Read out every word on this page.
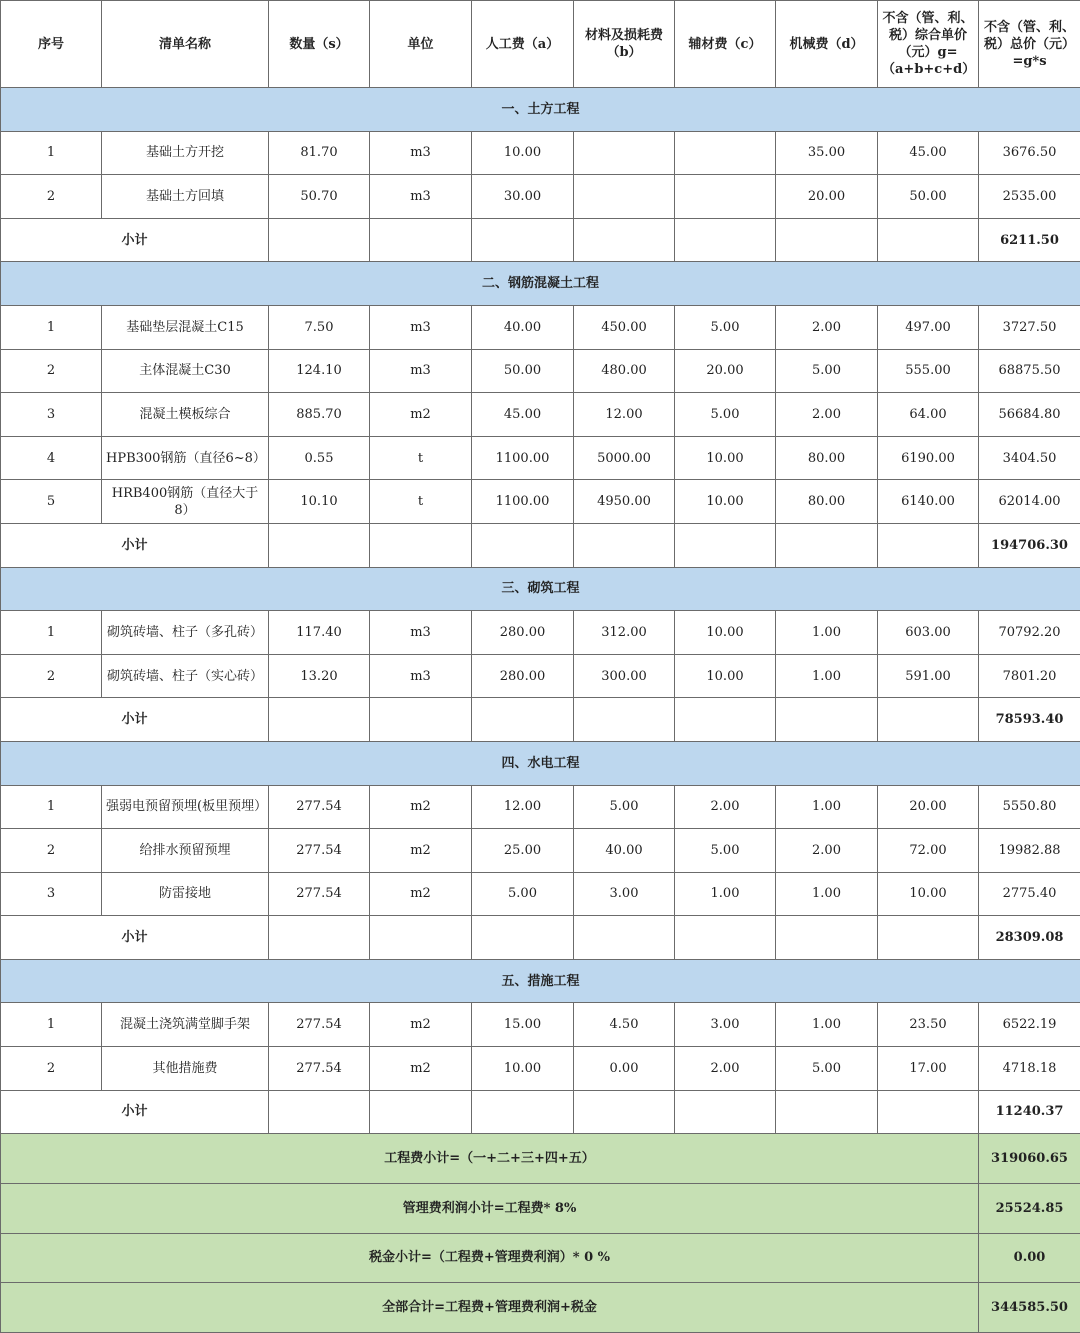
序号	清单名称	数量（s）	单位	人工费（a）	材料及损耗费（b）	辅材费（c）	机械费（d）	不含（管、利、税）综合单价（元）g=（a+b+c+d）	不含（管、利、税）总价（元）=g*s
一、土方工程									
1	基础土方开挖	81.70	m3	10.00			35.00	45.00	3676.50
2	基础土方回填	50.70	m3	30.00			20.00	50.00	2535.00
小计									6211.50
二、钢筋混凝土工程									
1	基础垫层混凝土C15	7.50	m3	40.00	450.00	5.00	2.00	497.00	3727.50
2	主体混凝土C30	124.10	m3	50.00	480.00	20.00	5.00	555.00	68875.50
3	混凝土模板综合	885.70	m2	45.00	12.00	5.00	2.00	64.00	56684.80
4	HPB300钢筋（直径6~8）	0.55	t	1100.00	5000.00	10.00	80.00	6190.00	3404.50
5	HRB400钢筋（直径大于8）	10.10	t	1100.00	4950.00	10.00	80.00	6140.00	62014.00
小计									194706.30
三、砌筑工程									
1	砌筑砖墙、柱子（多孔砖）	117.40	m3	280.00	312.00	10.00	1.00	603.00	70792.20
2	砌筑砖墙、柱子（实心砖）	13.20	m3	280.00	300.00	10.00	1.00	591.00	7801.20
小计									78593.40
四、水电工程									
1	强弱电预留预埋(板里预埋）	277.54	m2	12.00	5.00	2.00	1.00	20.00	5550.80
2	给排水预留预埋	277.54	m2	25.00	40.00	5.00	2.00	72.00	19982.88
3	防雷接地	277.54	m2	5.00	3.00	1.00	1.00	10.00	2775.40
小计									28309.08
五、措施工程									
1	混凝土浇筑满堂脚手架	277.54	m2	15.00	4.50	3.00	1.00	23.50	6522.19
2	其他措施费	277.54	m2	10.00	0.00	2.00	5.00	17.00	4718.18
小计									11240.37
工程费小计=（一+二+三+四+五）									319060.65
管理费利润小计=工程费* 8%									25524.85
税金小计=（工程费+管理费利润）* 0 %									0.00
全部合计=工程费+管理费利润+税金									344585.50
